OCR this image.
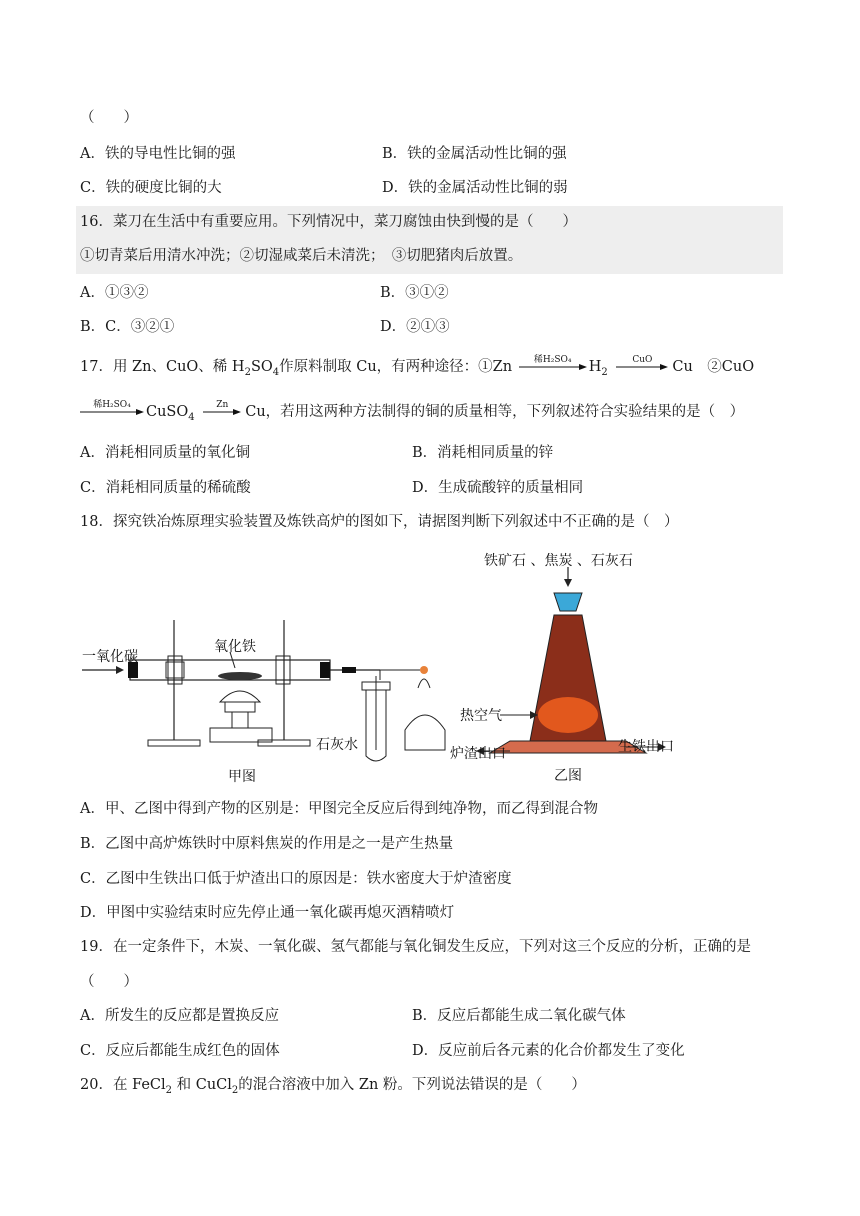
（　　）
A．铁的导电性比铜的强	B．铁的金属活动性比铜的强
C．铁的硬度比铜的大	D．铁的金属活动性比铜的弱
16．菜刀在生活中有重要应用。下列情况中，菜刀腐蚀由快到慢的是（　　）
①切青菜后用清水冲洗；②切湿咸菜后未清洗；　③切肥猪肉后放置。
A．①③②	B．③①②
B．C．③②①	D．②①③
17．用 Zn、CuO、稀 $H_2SO_4$作原料制取 Cu，有两种途径：①Zn	稀H₂SO₄	$H_2$
CuO	Cu　②CuO
稀H₂SO₄	CuSO$_4$
Zn	Cu，若用这两种方法制得的铜的质量相等，下列叙述符合实验结果的是（　）
A．消耗相同质量的氧化铜	B．消耗相同质量的锌
C．消耗相同质量的稀硫酸	D．生成硫酸锌的质量相同
18．探究铁冶炼原理实验装置及炼铁高炉的图如下，请据图判断下列叙述中不正确的是（　）
一氧化碳
氧化铁
石灰水
甲图
铁矿石 、焦炭 、石灰石
热空气
炉渣出口	生铁出口
乙图
A．甲、乙图中得到产物的区别是：甲图完全反应后得到纯净物，而乙得到混合物
B．乙图中高炉炼铁时中原料焦炭的作用是之一是产生热量
C．乙图中生铁出口低于炉渣出口的原因是：铁水密度大于炉渣密度
D．甲图中实验结束时应先停止通一氧化碳再熄灭酒精喷灯
19．在一定条件下，木炭、一氧化碳、氢气都能与氧化铜发生反应，下列对这三个反应的分析，正确的是
（　　）
A．所发生的反应都是置换反应	B．反应后都能生成二氧化碳气体
C．反应后都能生成红色的固体	D．反应前后各元素的化合价都发生了变化
20．在 FeCl$_2$ 和 CuCl$_2$的混合溶液中加入 Zn 粉。下列说法错误的是（　　）
